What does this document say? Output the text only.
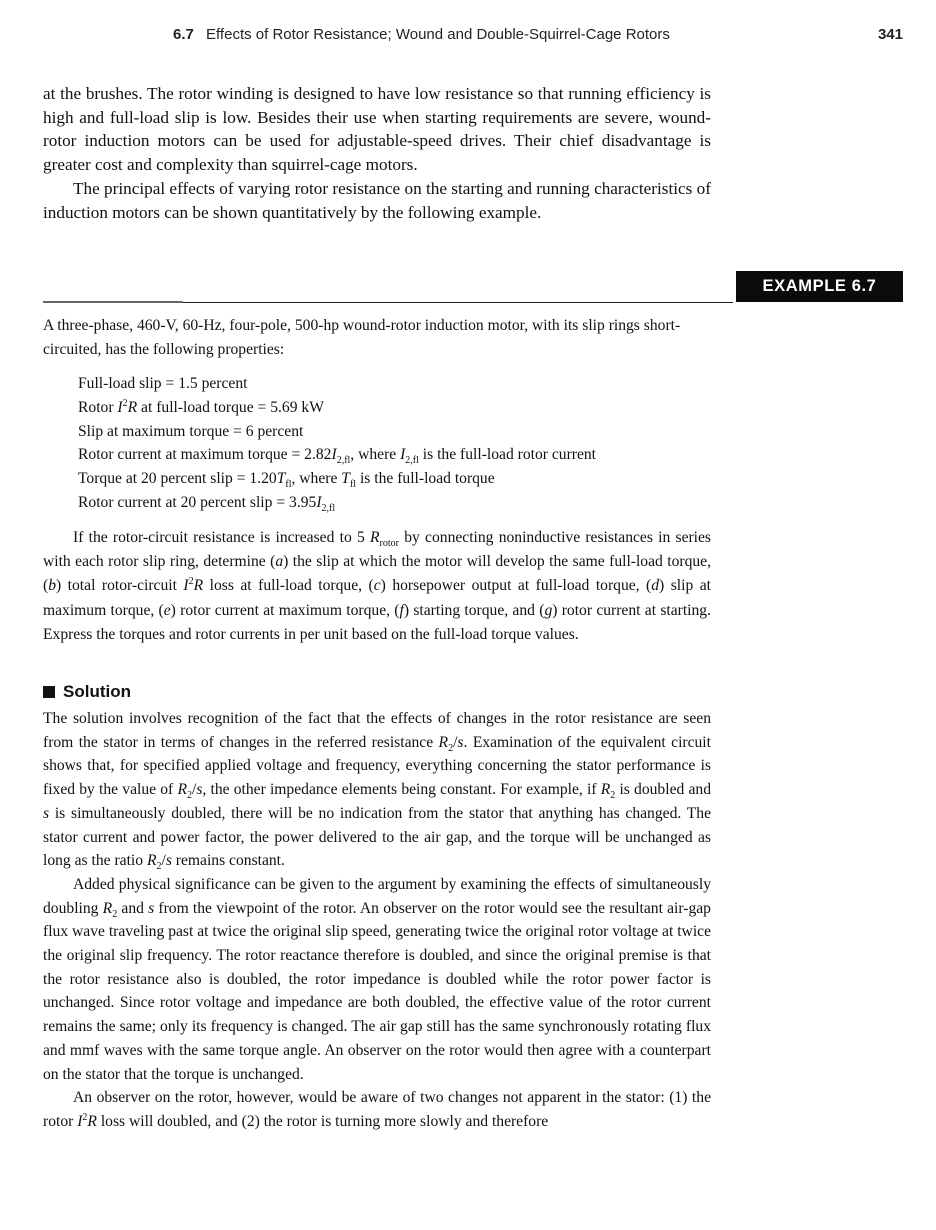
6.7 Effects of Rotor Resistance; Wound and Double-Squirrel-Cage Rotors	341

at the brushes. The rotor winding is designed to have low resistance so that running efficiency is high and full-load slip is low. Besides their use when starting requirements are severe, wound-rotor induction motors can be used for adjustable-speed drives. Their chief disadvantage is greater cost and complexity than squirrel-cage motors.

The principal effects of varying rotor resistance on the starting and running characteristics of induction motors can be shown quantitatively by the following example.

EXAMPLE 6.7

A three-phase, 460-V, 60-Hz, four-pole, 500-hp wound-rotor induction motor, with its slip rings short-circuited, has the following properties:

Full-load slip = 1.5 percent
Rotor $I^2R$ at full-load torque = 5.69 kW
Slip at maximum torque = 6 percent
Rotor current at maximum torque = $2.82I_{2,fl}$, where $I_{2,fl}$ is the full-load rotor current
Torque at 20 percent slip = $1.20T_{fl}$, where $T_{fl}$ is the full-load torque
Rotor current at 20 percent slip = $3.95I_{2,fl}$

If the rotor-circuit resistance is increased to 5 $R_{rotor}$ by connecting noninductive resistances in series with each rotor slip ring, determine (a) the slip at which the motor will develop the same full-load torque, (b) total rotor-circuit $I^2R$ loss at full-load torque, (c) horsepower output at full-load torque, (d) slip at maximum torque, (e) rotor current at maximum torque, (f) starting torque, and (g) rotor current at starting. Express the torques and rotor currents in per unit based on the full-load torque values.

Solution

The solution involves recognition of the fact that the effects of changes in the rotor resistance are seen from the stator in terms of changes in the referred resistance $R_2/s$. Examination of the equivalent circuit shows that, for specified applied voltage and frequency, everything concerning the stator performance is fixed by the value of $R_2/s$, the other impedance elements being constant. For example, if $R_2$ is doubled and s is simultaneously doubled, there will be no indication from the stator that anything has changed. The stator current and power factor, the power delivered to the air gap, and the torque will be unchanged as long as the ratio $R_2/s$ remains constant.

Added physical significance can be given to the argument by examining the effects of simultaneously doubling $R_2$ and s from the viewpoint of the rotor. An observer on the rotor would see the resultant air-gap flux wave traveling past at twice the original slip speed, generating twice the original rotor voltage at twice the original slip frequency. The rotor reactance therefore is doubled, and since the original premise is that the rotor resistance also is doubled, the rotor impedance is doubled while the rotor power factor is unchanged. Since rotor voltage and impedance are both doubled, the effective value of the rotor current remains the same; only its frequency is changed. The air gap still has the same synchronously rotating flux and mmf waves with the same torque angle. An observer on the rotor would then agree with a counterpart on the stator that the torque is unchanged.

An observer on the rotor, however, would be aware of two changes not apparent in the stator: (1) the rotor $I^2R$ loss will doubled, and (2) the rotor is turning more slowly and therefore
